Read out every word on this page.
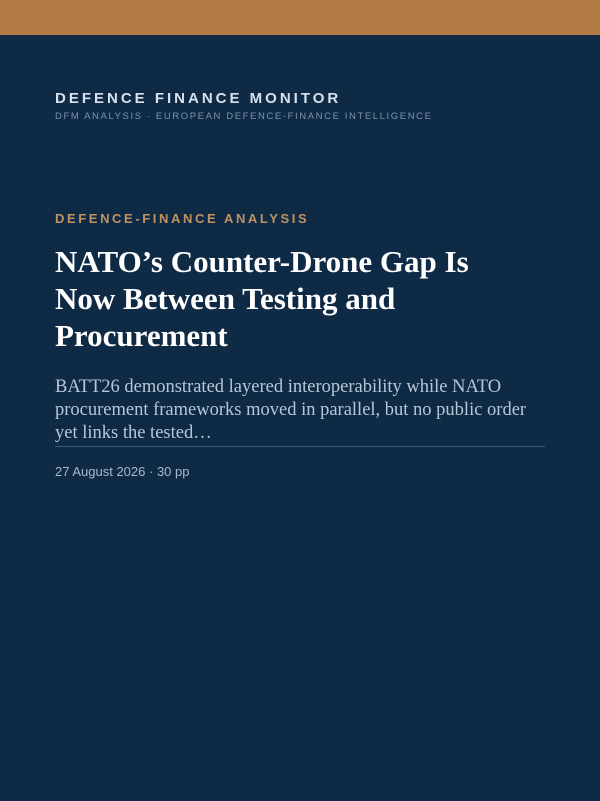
DEFENCE FINANCE MONITOR
DFM ANALYSIS · EUROPEAN DEFENCE-FINANCE INTELLIGENCE
DEFENCE-FINANCE ANALYSIS
NATO’s Counter-Drone Gap Is Now Between Testing and Procurement
BATT26 demonstrated layered interoperability while NATO procurement frameworks moved in parallel, but no public order yet links the tested…
27 August 2026 · 30 pp
